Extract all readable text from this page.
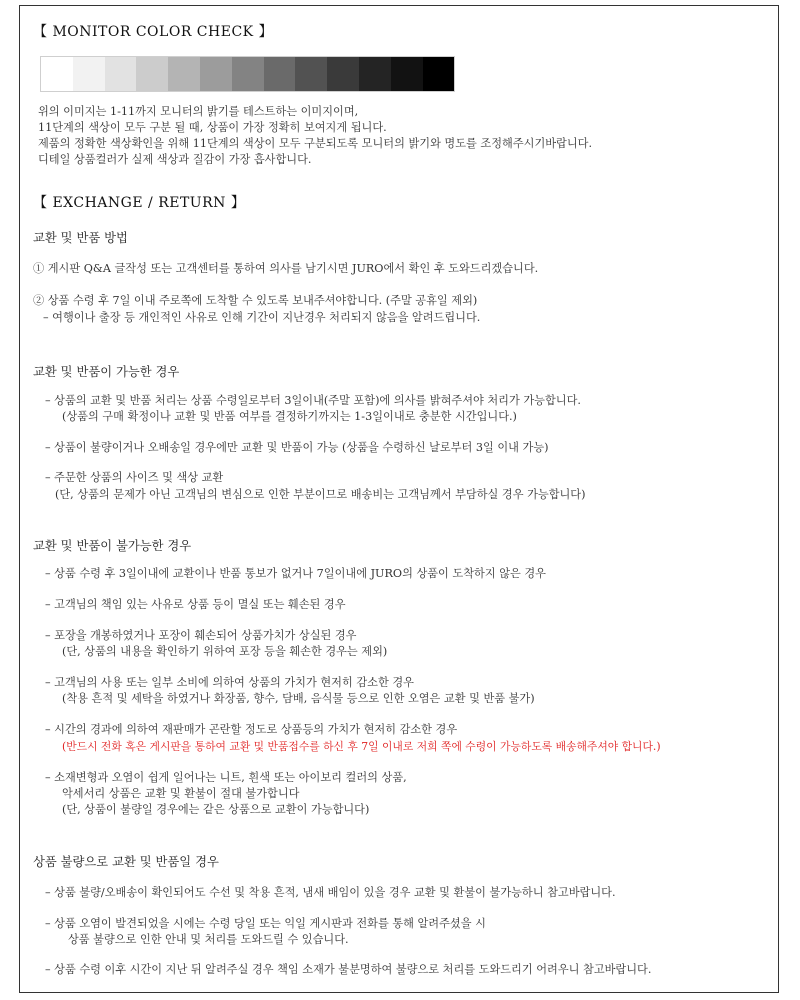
【 MONITOR COLOR CHECK 】
위의 이미지는 1-11까지 모니터의 밝기를 테스트하는 이미지이며,
11단계의 색상이 모두 구분 될 때, 상품이 가장 정확히 보여지게 됩니다.
제품의 정확한 색상확인을 위해 11단계의 색상이 모두 구분되도록 모니터의 밝기와 명도를 조정해주시기바랍니다.
디테일 상품컬러가 실제 색상과 질감이 가장 흡사합니다.
【 EXCHANGE / RETURN 】
교환 및 반품 방법
① 게시판 Q&A 글작성 또는 고객센터를 통하여 의사를 남기시면 JURO에서 확인 후 도와드리겠습니다.
② 상품 수령 후 7일 이내 주로쪽에 도착할 수 있도록 보내주셔야합니다. (주말 공휴일 제외)
– 여행이나 출장 등 개인적인 사유로 인해 기간이 지난경우 처리되지 않음을 알려드립니다.
교환 및 반품이 가능한 경우
– 상품의 교환 및 반품 처리는 상품 수령일로부터 3일이내(주말 포함)에 의사를 밝혀주셔야 처리가 가능합니다.
(상품의 구매 확정이나 교환 및 반품 여부를 결정하기까지는 1-3일이내로 충분한 시간입니다.)
– 상품이 불량이거나 오배송일 경우에만 교환 및 반품이 가능 (상품을 수령하신 날로부터 3일 이내 가능)
– 주문한 상품의 사이즈 및 색상 교환
(단, 상품의 문제가 아닌 고객님의 변심으로 인한 부분이므로 배송비는 고객님께서 부담하실 경우 가능합니다)
교환 및 반품이 불가능한 경우
– 상품 수령 후 3일이내에 교환이나 반품 통보가 없거나 7일이내에 JURO의 상품이 도착하지 않은 경우
– 고객님의 책임 있는 사유로 상품 등이 멸실 또는 훼손된 경우
– 포장을 개봉하였거나 포장이 훼손되어 상품가치가 상실된 경우
(단, 상품의 내용을 확인하기 위하여 포장 등을 훼손한 경우는 제외)
– 고객님의 사용 또는 일부 소비에 의하여 상품의 가치가 현저히 감소한 경우
(착용 흔적 및 세탁을 하였거나 화장품, 향수, 담배, 음식물 등으로 인한 오염은 교환 및 반품 불가)
– 시간의 경과에 의하여 재판매가 곤란할 정도로 상품등의 가치가 현저히 감소한 경우
(반드시 전화 혹은 게시판을 통하여 교환 및 반품접수를 하신 후 7일 이내로 저희 쪽에 수령이 가능하도록 배송해주셔야 합니다.)
– 소재변형과 오염이 쉽게 일어나는 니트, 흰색 또는 아이보리 컬러의 상품,
악세서리 상품은 교환 및 환불이 절대 불가합니다
(단, 상품이 불량일 경우에는 같은 상품으로 교환이 가능합니다)
상품 불량으로 교환 및 반품일 경우
– 상품 불량/오배송이 확인되어도 수선 및 착용 흔적, 냄새 배임이 있을 경우 교환 및 환불이 불가능하니 참고바랍니다.
– 상품 오염이 발견되었을 시에는 수령 당일 또는 익일 게시판과 전화를 통해 알려주셨을 시
상품 불량으로 인한 안내 및 처리를 도와드릴 수 있습니다.
– 상품 수령 이후 시간이 지난 뒤 알려주실 경우 책임 소재가 불분명하여 불량으로 처리를 도와드리기 어려우니 참고바랍니다.
